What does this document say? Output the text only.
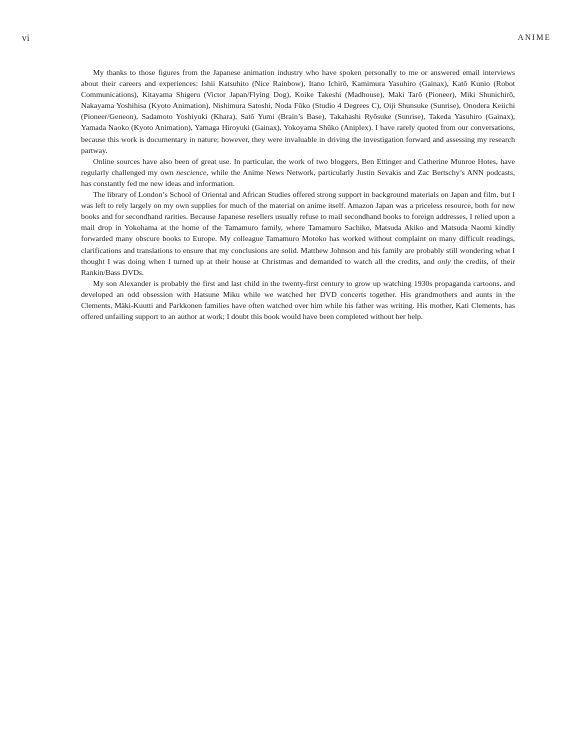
vi	ANIME

My thanks to those figures from the Japanese animation industry who have spoken personally to me or answered email interviews about their careers and experiences: Ishii Katsuhito (Nice Rainbow), Itano Ichirō, Kamimura Yasuhiro (Gainax), Katō Kunio (Robot Communications), Kitayama Shigeru (Victor Japan/Flying Dog), Koike Takeshi (Madhouse), Maki Tarō (Pioneer), Miki Shunichirō, Nakayama Yoshihisa (Kyoto Animation), Nishimura Satoshi, Noda Fūko (Studio 4 Degrees C), Oiji Shunsuke (Sunrise), Onodera Keiichi (Pioneer/Geneon), Sadamoto Yoshiyuki (Khara), Satō Yumi (Brain’s Base), Takahashi Ryōsuke (Sunrise), Takeda Yasuhiro (Gainax), Yamada Naoko (Kyoto Animation), Yamaga Hiroyuki (Gainax), Yokoyama Shūko (Aniplex). I have rarely quoted from our conversations, because this work is documentary in nature; however, they were invaluable in driving the investigation forward and assessing my research partway.

Online sources have also been of great use. In particular, the work of two bloggers, Ben Ettinger and Catherine Munroe Hotes, have regularly challenged my own nescience, while the Anime News Network, particularly Justin Sevakis and Zac Bertschy’s ANN podcasts, has constantly fed me new ideas and information.

The library of London’s School of Oriental and African Studies offered strong support in background materials on Japan and film, but I was left to rely largely on my own supplies for much of the material on anime itself. Amazon Japan was a priceless resource, both for new books and for secondhand rarities. Because Japanese resellers usually refuse to mail secondhand books to foreign addresses, I relied upon a mail drop in Yokohama at the home of the Tamamuro family, where Tamamuro Sachiko, Matsuda Akiko and Matsuda Naomi kindly forwarded many obscure books to Europe. My colleague Tamamuro Motoko has worked without complaint on many difficult readings, clarifications and translations to ensure that my conclusions are solid. Matthew Johnson and his family are probably still wondering what I thought I was doing when I turned up at their house at Christmas and demanded to watch all the credits, and only the credits, of their Rankin/Bass DVDs.

My son Alexander is probably the first and last child in the twenty-first century to grow up watching 1930s propaganda cartoons, and developed an odd obsession with Hatsune Miku while we watched her DVD concerts together. His grandmothers and aunts in the Clements, Mäki-Kuutti and Parkkonen families have often watched over him while his father was writing. His mother, Kati Clements, has offered unfailing support to an author at work; I doubt this book would have been completed without her help.
